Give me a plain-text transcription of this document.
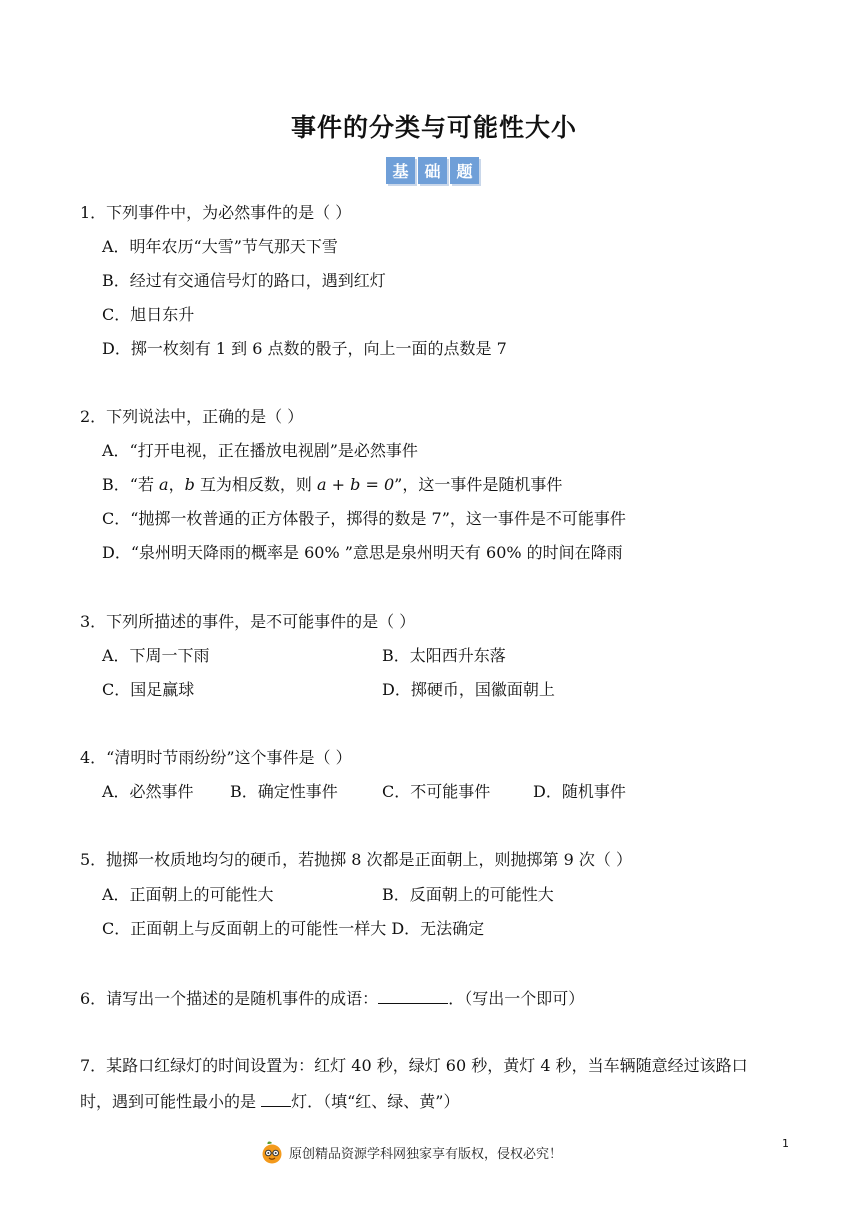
事件的分类与可能性大小
基 础 题
1．下列事件中，为必然事件的是（ ）
A．明年农历“大雪”节气那天下雪
B．经过有交通信号灯的路口，遇到红灯
C．旭日东升
D．掷一枚刻有 1 到 6 点数的骰子，向上一面的点数是 7
2．下列说法中，正确的是（ ）
A．“打开电视，正在播放电视剧”是必然事件
B．“若 a，b 互为相反数，则 a + b = 0”，这一事件是随机事件
C．“抛掷一枚普通的正方体骰子，掷得的数是 7”，这一事件是不可能事件
D．“泉州明天降雨的概率是 60% ”意思是泉州明天有 60% 的时间在降雨
3．下列所描述的事件，是不可能事件的是（ ）
A．下周一下雨	B．太阳西升东落
C．国足赢球	D．掷硬币，国徽面朝上
4．“清明时节雨纷纷”这个事件是（ ）
A．必然事件 B．确定性事件	C．不可能事件	D．随机事件
5．抛掷一枚质地均匀的硬币，若抛掷 8 次都是正面朝上，则抛掷第 9 次（ ）
A．正面朝上的可能性大	B．反面朝上的可能性大
C．正面朝上与反面朝上的可能性一样大 D．无法确定
6．请写出一个描述的是随机事件的成语：	．（写出一个即可）
7．某路口红绿灯的时间设置为：红灯 40 秒，绿灯 60 秒，黄灯 4 秒，当车辆随意经过该路口
时，遇到可能性最小的是 灯．（填“红、绿、黄”）
原创精品资源学科网独家享有版权，侵权必究！
1
